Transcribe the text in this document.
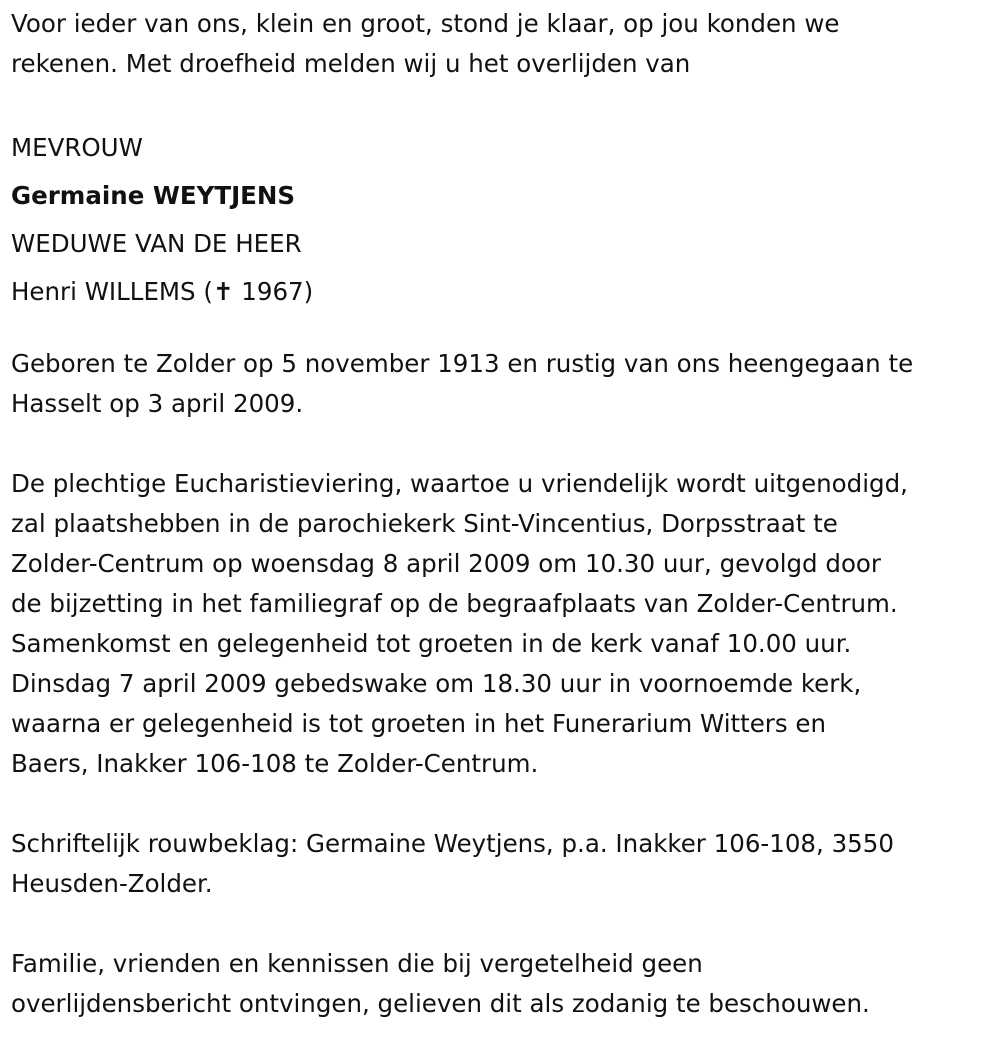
Voor ieder van ons, klein en groot, stond je klaar, op jou konden we
rekenen. Met droefheid melden wij u het overlijden van
MEVROUW
Germaine WEYTJENS
WEDUWE VAN DE HEER
Henri WILLEMS (✝ 1967)
Geboren te Zolder op 5 november 1913 en rustig van ons heengegaan te
Hasselt op 3 april 2009.
De plechtige Eucharistieviering, waartoe u vriendelijk wordt uitgenodigd,
zal plaatshebben in de parochiekerk Sint-Vincentius, Dorpsstraat te
Zolder-Centrum op woensdag 8 april 2009 om 10.30 uur, gevolgd door
de bijzetting in het familiegraf op de begraafplaats van Zolder-Centrum.
Samenkomst en gelegenheid tot groeten in de kerk vanaf 10.00 uur.
Dinsdag 7 april 2009 gebedswake om 18.30 uur in voornoemde kerk,
waarna er gelegenheid is tot groeten in het Funerarium Witters en
Baers, Inakker 106-108 te Zolder-Centrum.
Schriftelijk rouwbeklag: Germaine Weytjens, p.a. Inakker 106-108, 3550
Heusden-Zolder.
Familie, vrienden en kennissen die bij vergetelheid geen
overlijdensbericht ontvingen, gelieven dit als zodanig te beschouwen.
